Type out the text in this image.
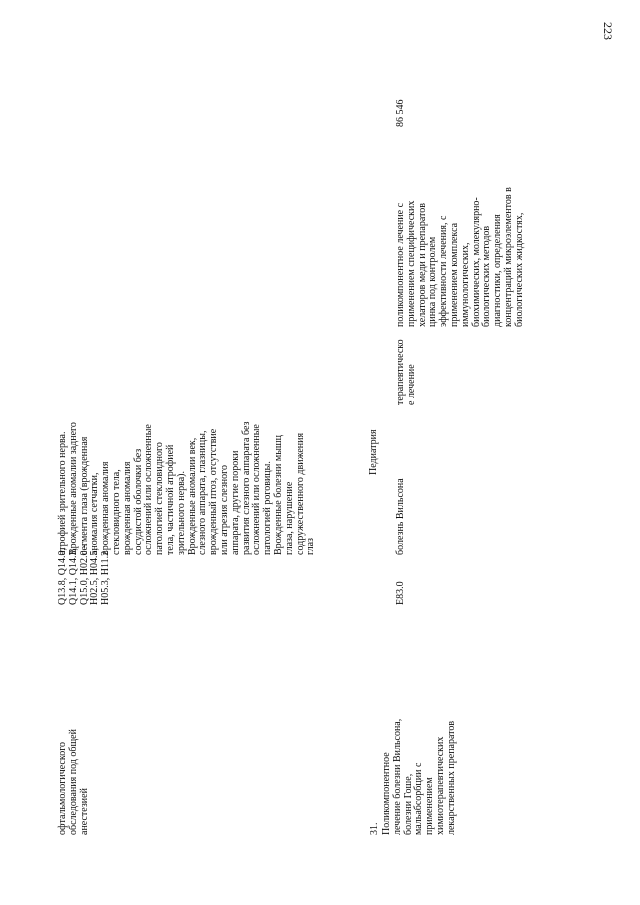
223
офтальмологического обследования под общей анестезией
Q13.8, Q14.0, Q14.1, Q14.3, Q15.0, H02.0 - H02.5, H04.5, H05.3, H11.2
атрофией зрительного нерва. Врожденные аномалии заднего сегмента глаза (врожденная аномалия сетчатки, врожденная аномалия стекловидного тела, врожденная аномалия сосудистой оболочки без осложнений или осложненные патологией стекловидного тела, частичной атрофией зрительного нерва). Врожденные аномалии век, слезного аппарата, глазницы, врожденный птоз, отсутствие или атрезия слезного аппарата, другие пороки развития слезного аппарата без осложнений или осложненные патологией роговицы. Врожденные болезни мышц глаза, нарушение содружественного движения глаз
Педиатрия
31. Поликомпонентное лечение болезни Вильсона, болезни Гоше, мальабсорбции с применением химиотерапевтических лекарственных препаратов
E83.0
болезнь Вильсона
терапевтическо е лечение
поликомпонентное лечение с применением специфических хелаторов меди и препаратов цинка под контролем эффективности лечения, с применением комплекса иммунологических, биохимических, молекулярно- биологических методов диагностики, определения концентраций микроэлементов в биологических жидкостях,
86 546
